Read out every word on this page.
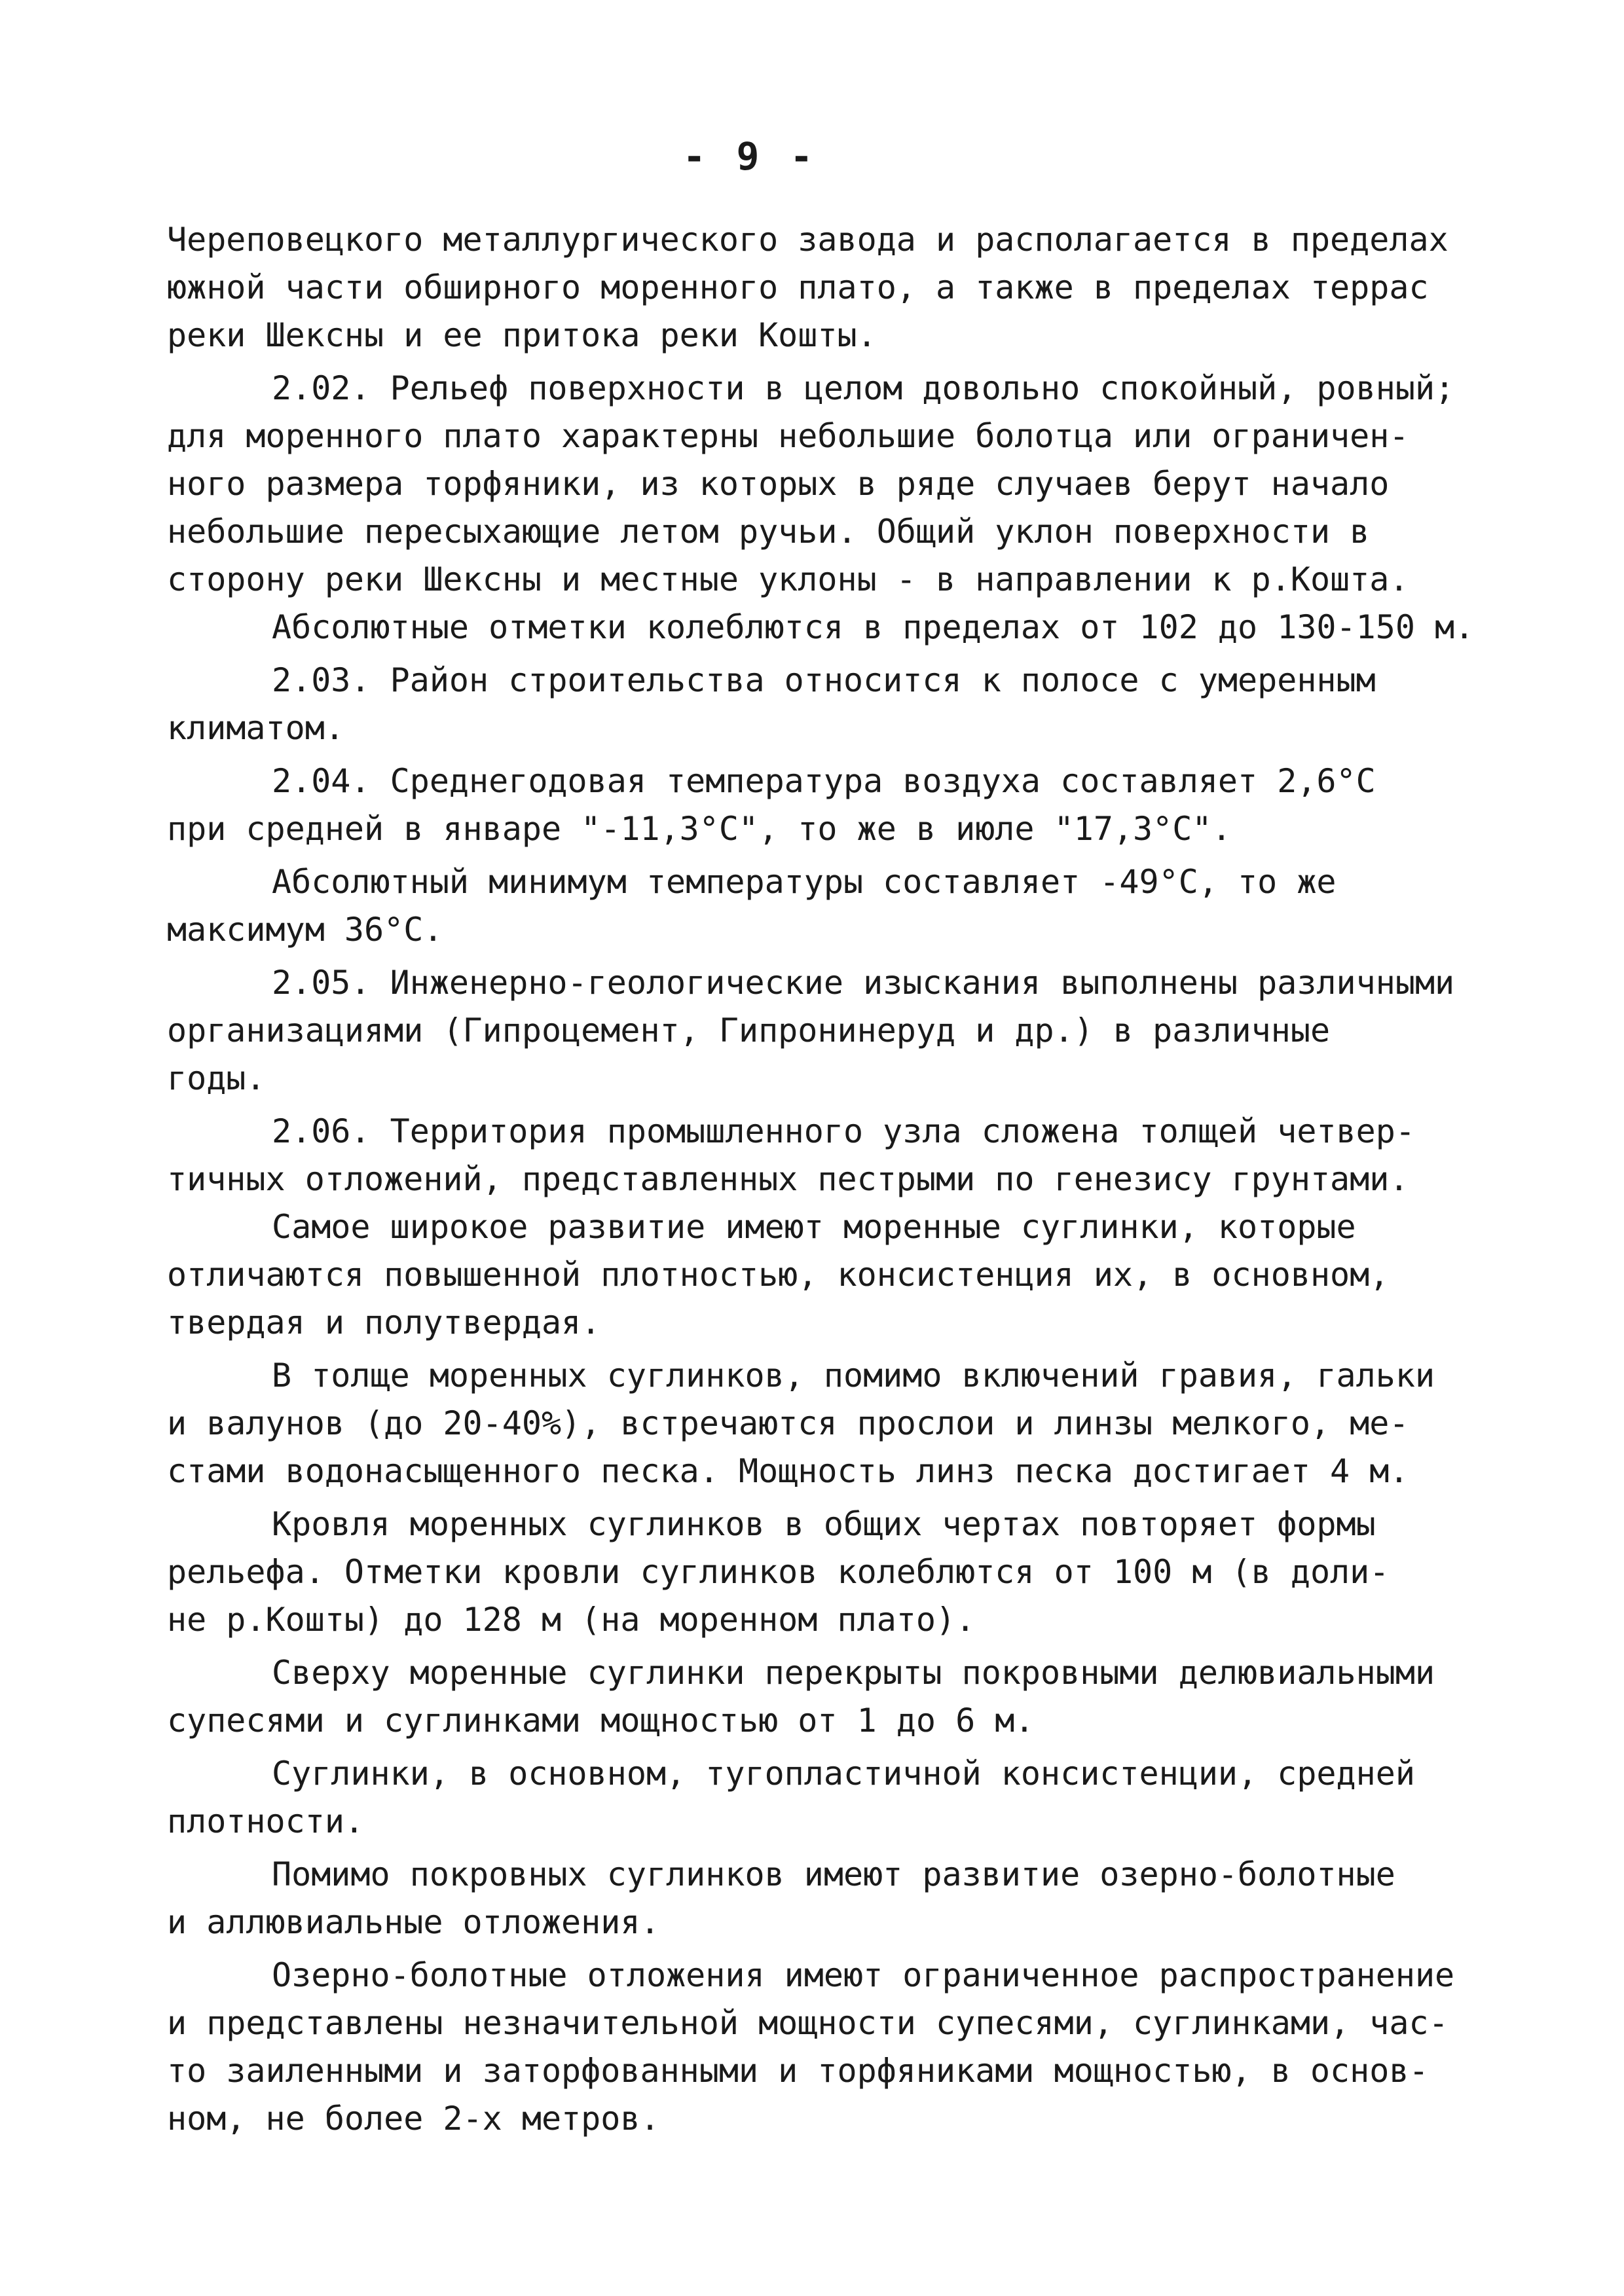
- 9 -
Череповецкого металлургического завода и располагается в пределах
южной части обширного моренного плато, а также в пределах террас
реки Шексны и ее притока реки Кошты.
2.02. Рельеф поверхности в целом довольно спокойный, ровный;
для моренного плато характерны небольшие болотца или ограничен-
ного размера торфяники, из которых в ряде случаев берут начало
небольшие пересыхающие летом ручьи. Общий уклон поверхности в
сторону реки Шексны и местные уклоны - в направлении к р.Кошта.
Абсолютные отметки колеблются в пределах от 102 до 130-150 м.
2.03. Район строительства относится к полосе с умеренным
климатом.
2.04. Среднегодовая температура воздуха составляет 2,6°С
при средней в январе "-11,3°С", то же в июле "17,3°С".
Абсолютный минимум температуры составляет -49°С, то же
максимум 36°С.
2.05. Инженерно-геологические изыскания выполнены различными
организациями (Гипроцемент, Гипронинеруд и др.) в различные
годы.
2.06. Территория промышленного узла сложена толщей четвер-
тичных отложений, представленных пестрыми по генезису грунтами.
Самое широкое развитие имеют моренные суглинки, которые
отличаются повышенной плотностью, консистенция их, в основном,
твердая и полутвердая.
В толще моренных суглинков, помимо включений гравия, гальки
и валунов (до 20-40%), встречаются прослои и линзы мелкого, ме-
стами водонасыщенного песка. Мощность линз песка достигает 4 м.
Кровля моренных суглинков в общих чертах повторяет формы
рельефа. Отметки кровли суглинков колеблются от 100 м (в доли-
не р.Кошты) до 128 м (на моренном плато).
Сверху моренные суглинки перекрыты покровными делювиальными
супесями и суглинками мощностью от 1 до 6 м.
Суглинки, в основном, тугопластичной консистенции, средней
плотности.
Помимо покровных суглинков имеют развитие озерно-болотные
и аллювиальные отложения.
Озерно-болотные отложения имеют ограниченное распространение
и представлены незначительной мощности супесями, суглинками, час-
то заиленными и заторфованными и торфяниками мощностью, в основ-
ном, не более 2-х метров.
